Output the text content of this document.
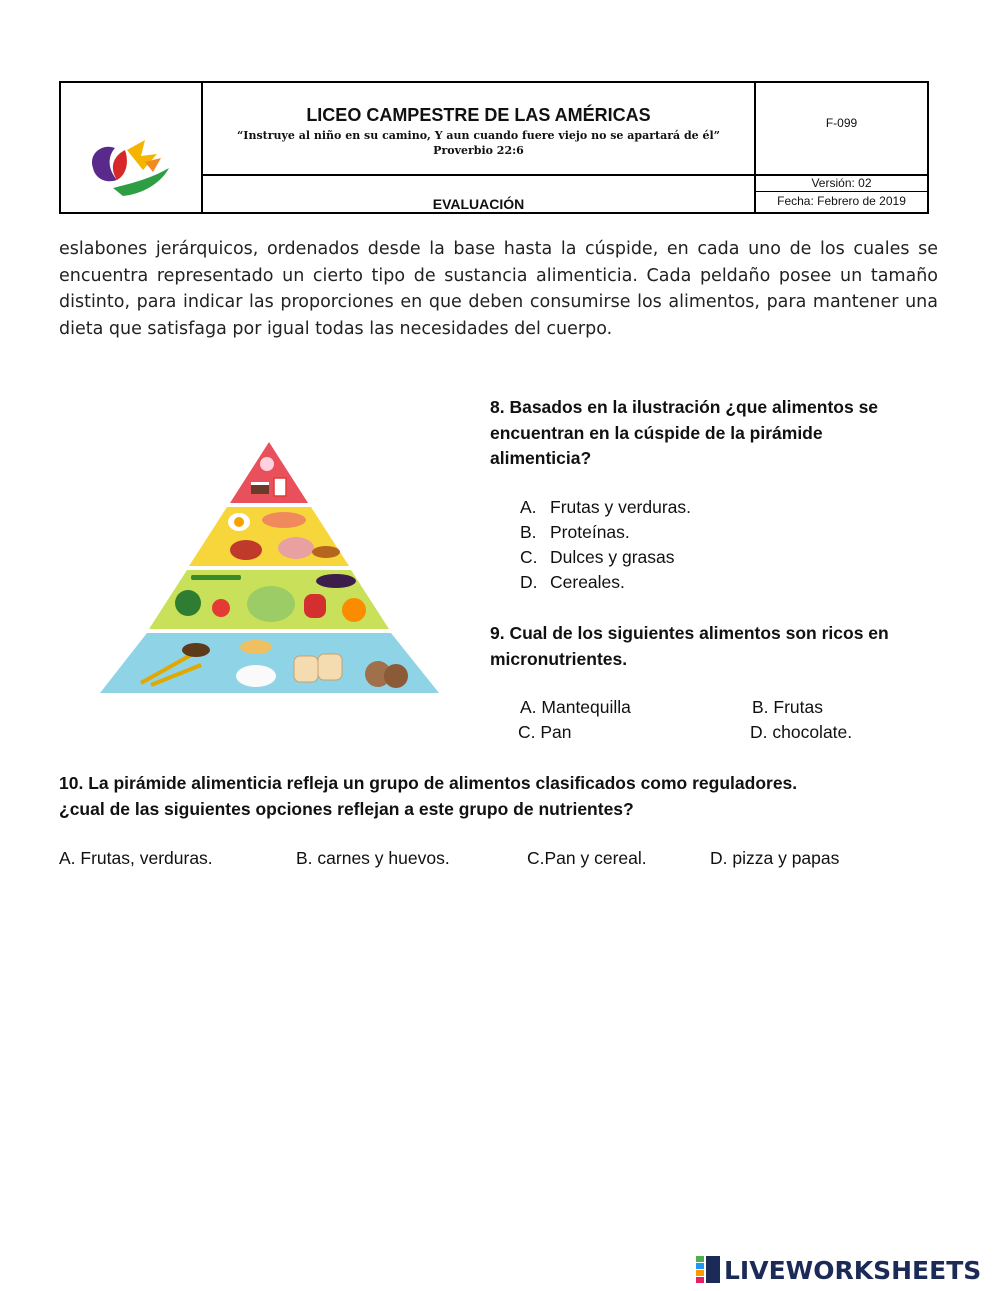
LICEO CAMPESTRE DE LAS AMÉRICAS
“Instruye al niño en su camino, Y aun cuando fuere viejo no se apartará de él”
Proverbio 22:6
F-099
EVALUACIÓN
Versión: 02
Fecha: Febrero de 2019

eslabones jerárquicos, ordenados desde la base hasta la cúspide, en cada uno de los cuales se encuentra representado un cierto tipo de sustancia alimenticia. Cada peldaño posee un tamaño distinto, para indicar las proporciones en que deben consumirse los alimentos, para mantener una dieta que satisfaga por igual todas las necesidades del cuerpo.

8. Basados en la ilustración ¿que alimentos se
encuentran en la cúspide de la pirámide
alimenticia?

A. Frutas y verduras.
B. Proteínas.
C. Dulces y grasas
D. Cereales.

9. Cual de los siguientes alimentos son ricos en
micronutrientes.

A. Mantequilla	B. Frutas

C. Pan	D. chocolate.

10. La pirámide alimenticia refleja un grupo de alimentos clasificados como reguladores.
¿cual de las siguientes opciones reflejan a este grupo de nutrientes?

A. Frutas, verduras.	B. carnes y huevos.	C.Pan y cereal.	D. pizza y papas

LIVEWORKSHEETS
